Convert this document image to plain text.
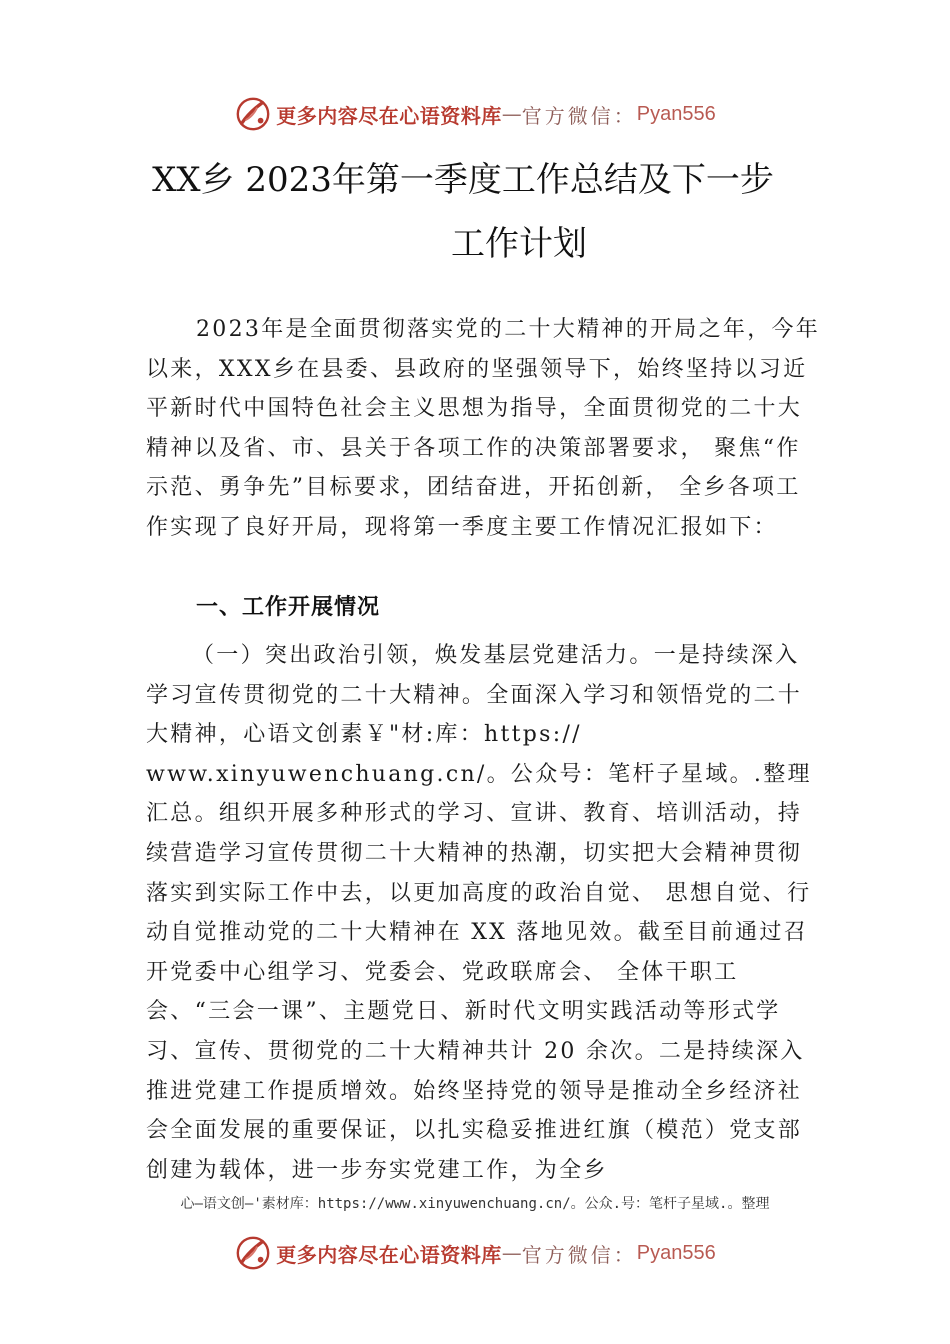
更多内容尽在心语资料库 — 官方微信： Pyan556
XX乡 2023年第一季度工作总结及下一步
工作计划
2023年是全面贯彻落实党的二十大精神的开局之年，今年以来，XXX乡在县委、县政府的坚强领导下，始终坚持以习近平新时代中国特色社会主义思想为指导，全面贯彻党的二十大精神以及省、市、县关于各项工作的决策部署要求， 聚焦“作示范、勇争先”目标要求，团结奋进，开拓创新， 全乡各项工作实现了良好开局，现将第一季度主要工作情况汇报如下：
一、工作开展情况
（一）突出政治引领，焕发基层党建活力。一是持续深入学习宣传贯彻党的二十大精神。全面深入学习和领悟党的二十大精神，心语文创素￥"材:库：https:// www.xinyuwenchuang.cn/。公众号：笔杆子星域。.整理汇总。组织开展多种形式的学习、宣讲、教育、培训活动，持续营造学习宣传贯彻二十大精神的热潮，切实把大会精神贯彻落实到实际工作中去，以更加高度的政治自觉、 思想自觉、行动自觉推动党的二十大精神在 XX 落地见效。截至目前通过召开党委中心组学习、党委会、党政联席会、 全体干职工会、“三会一课”、主题党日、新时代文明实践活动等形式学习、宣传、贯彻党的二十大精神共计 20 余次。二是持续深入推进党建工作提质增效。始终坚持党的领导是推动全乡经济社会全面发展的重要保证，以扎实稳妥推进红旗（模范）党支部创建为载体，进一步夯实党建工作，为全乡
心—语文创—'素材库：https://www.xinyuwenchuang.cn/。公众.号：笔杆子星域.。整理
更多内容尽在心语资料库 — 官方微信： Pyan556
